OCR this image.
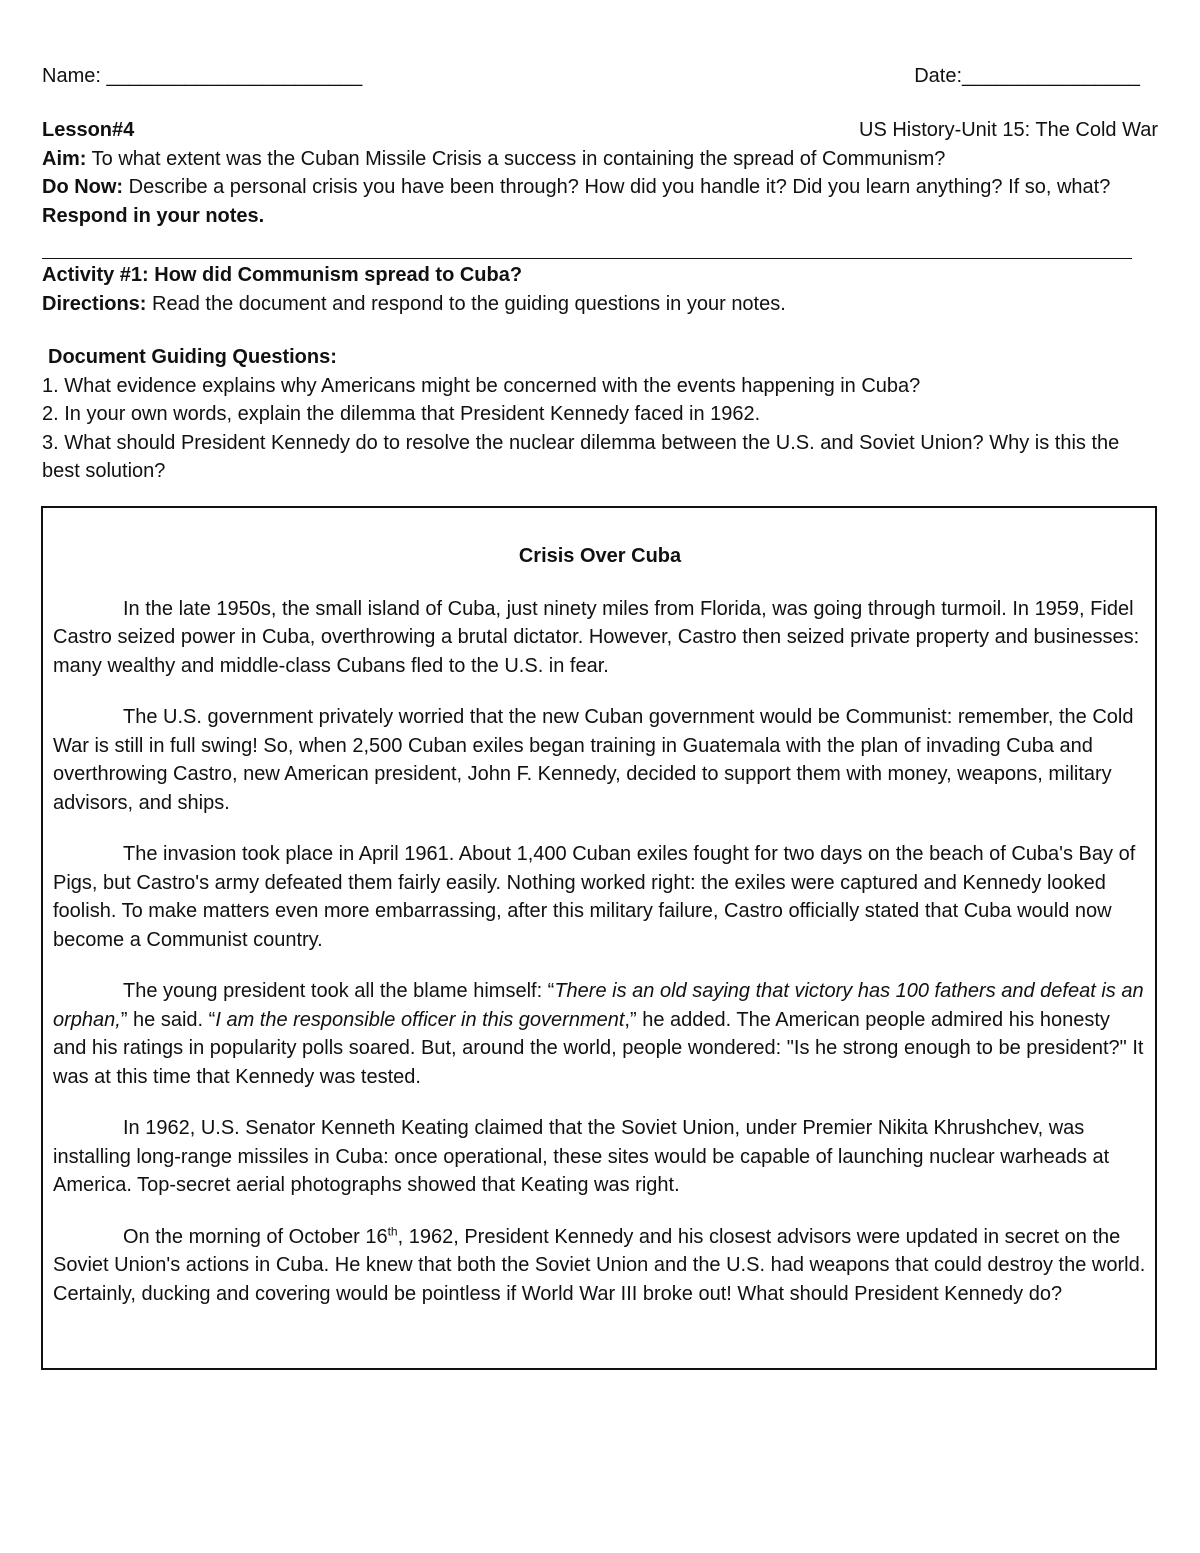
Name: _______________________	Date:________________
Lesson#4	US History-Unit 15: The Cold War

Aim: To what extent was the Cuban Missile Crisis a success in containing the spread of Communism?

Do Now: Describe a personal crisis you have been through? How did you handle it? Did you learn anything? If so, what? Respond in your notes.

Activity #1: How did Communism spread to Cuba?

Directions: Read the document and respond to the guiding questions in your notes.

Document Guiding Questions:

1. What evidence explains why Americans might be concerned with the events happening in Cuba?

2. In your own words, explain the dilemma that President Kennedy faced in 1962.

3. What should President Kennedy do to resolve the nuclear dilemma between the U.S. and Soviet Union? Why is this the best solution?

Crisis Over Cuba

In the late 1950s, the small island of Cuba, just ninety miles from Florida, was going through turmoil. In 1959, Fidel Castro seized power in Cuba, overthrowing a brutal dictator. However, Castro then seized private property and businesses: many wealthy and middle-class Cubans fled to the U.S. in fear.

The U.S. government privately worried that the new Cuban government would be Communist: remember, the Cold War is still in full swing! So, when 2,500 Cuban exiles began training in Guatemala with the plan of invading Cuba and overthrowing Castro, new American president, John F. Kennedy, decided to support them with money, weapons, military advisors, and ships.

The invasion took place in April 1961. About 1,400 Cuban exiles fought for two days on the beach of Cuba's Bay of Pigs, but Castro's army defeated them fairly easily. Nothing worked right: the exiles were captured and Kennedy looked foolish. To make matters even more embarrassing, after this military failure, Castro officially stated that Cuba would now become a Communist country.

The young president took all the blame himself: “There is an old saying that victory has 100 fathers and defeat is an orphan,” he said. “I am the responsible officer in this government,” he added. The American people admired his honesty and his ratings in popularity polls soared. But, around the world, people wondered: "Is he strong enough to be president?" It was at this time that Kennedy was tested.

In 1962, U.S. Senator Kenneth Keating claimed that the Soviet Union, under Premier Nikita Khrushchev, was installing long-range missiles in Cuba: once operational, these sites would be capable of launching nuclear warheads at America. Top-secret aerial photographs showed that Keating was right.

On the morning of October 16th, 1962, President Kennedy and his closest advisors were updated in secret on the Soviet Union's actions in Cuba. He knew that both the Soviet Union and the U.S. had weapons that could destroy the world. Certainly, ducking and covering would be pointless if World War III broke out! What should President Kennedy do?
